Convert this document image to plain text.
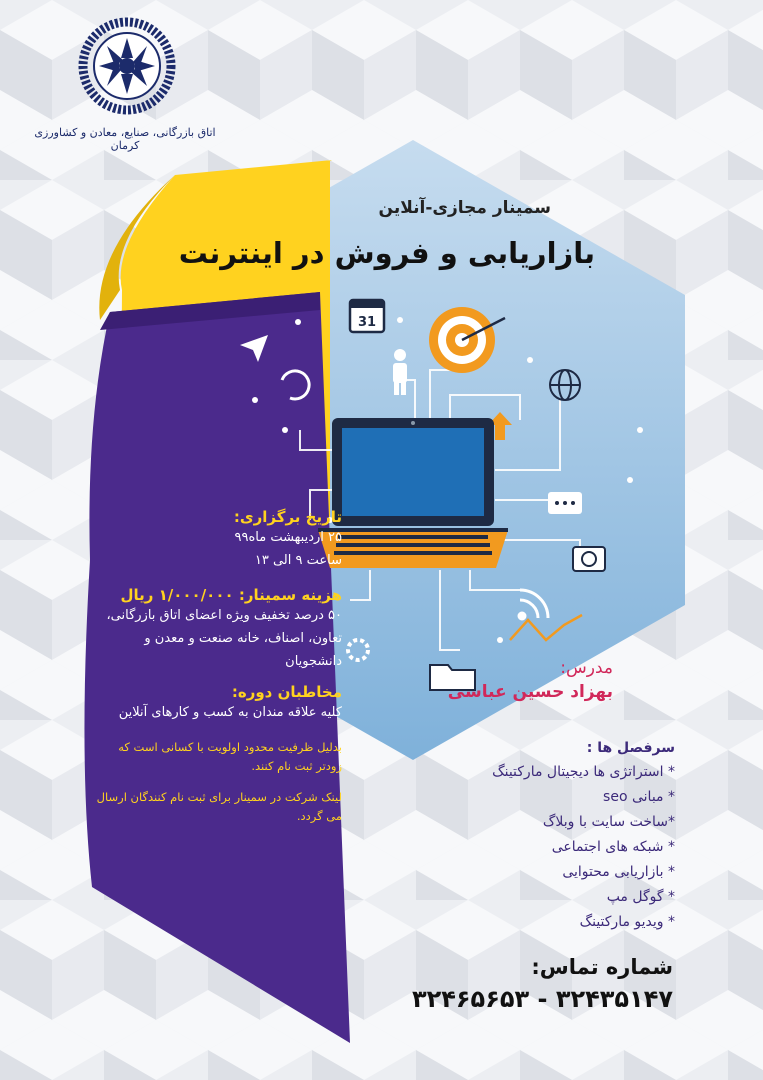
اتاق بازرگانی، صنایع، معادن و کشاورزی کرمان
31
سمینار مجازی-آنلاین
بازاریابی و فروش در اینترنت
تاریخ برگزاری:
۲۵ اردیبهشت ماه۹۹
ساعت ۹ الی ۱۳
هزینه سمینار: ۱/۰۰۰/۰۰۰ ریال
۵۰ درصد تخفیف ویژه اعضای اتاق بازرگانی، تعاون، اصناف، خانه صنعت و معدن و دانشجویان
مخاطبان دوره:
کلیه علاقه مندان به کسب و کارهای آنلاین
بدلیل ظرفیت محدود اولویت با کسانی است که زودتر ثبت نام کنند.
لینک شرکت در سمینار برای ثبت نام کنندگان ارسال می گردد.
مدرس:
بهزاد حسین عباسی
سرفصل ها :
* استراتژی ها دیجیتال مارکتینگ
* مبانی seo
*ساخت سایت با وبلاگ
* شبکه های اجتماعی
* بازاریابی محتوایی
* گوگل مپ
* ویدیو مارکتینگ
شماره تماس:
۳۲۴۶۵۶۵۳ - ۳۲۴۳۵۱۴۷
